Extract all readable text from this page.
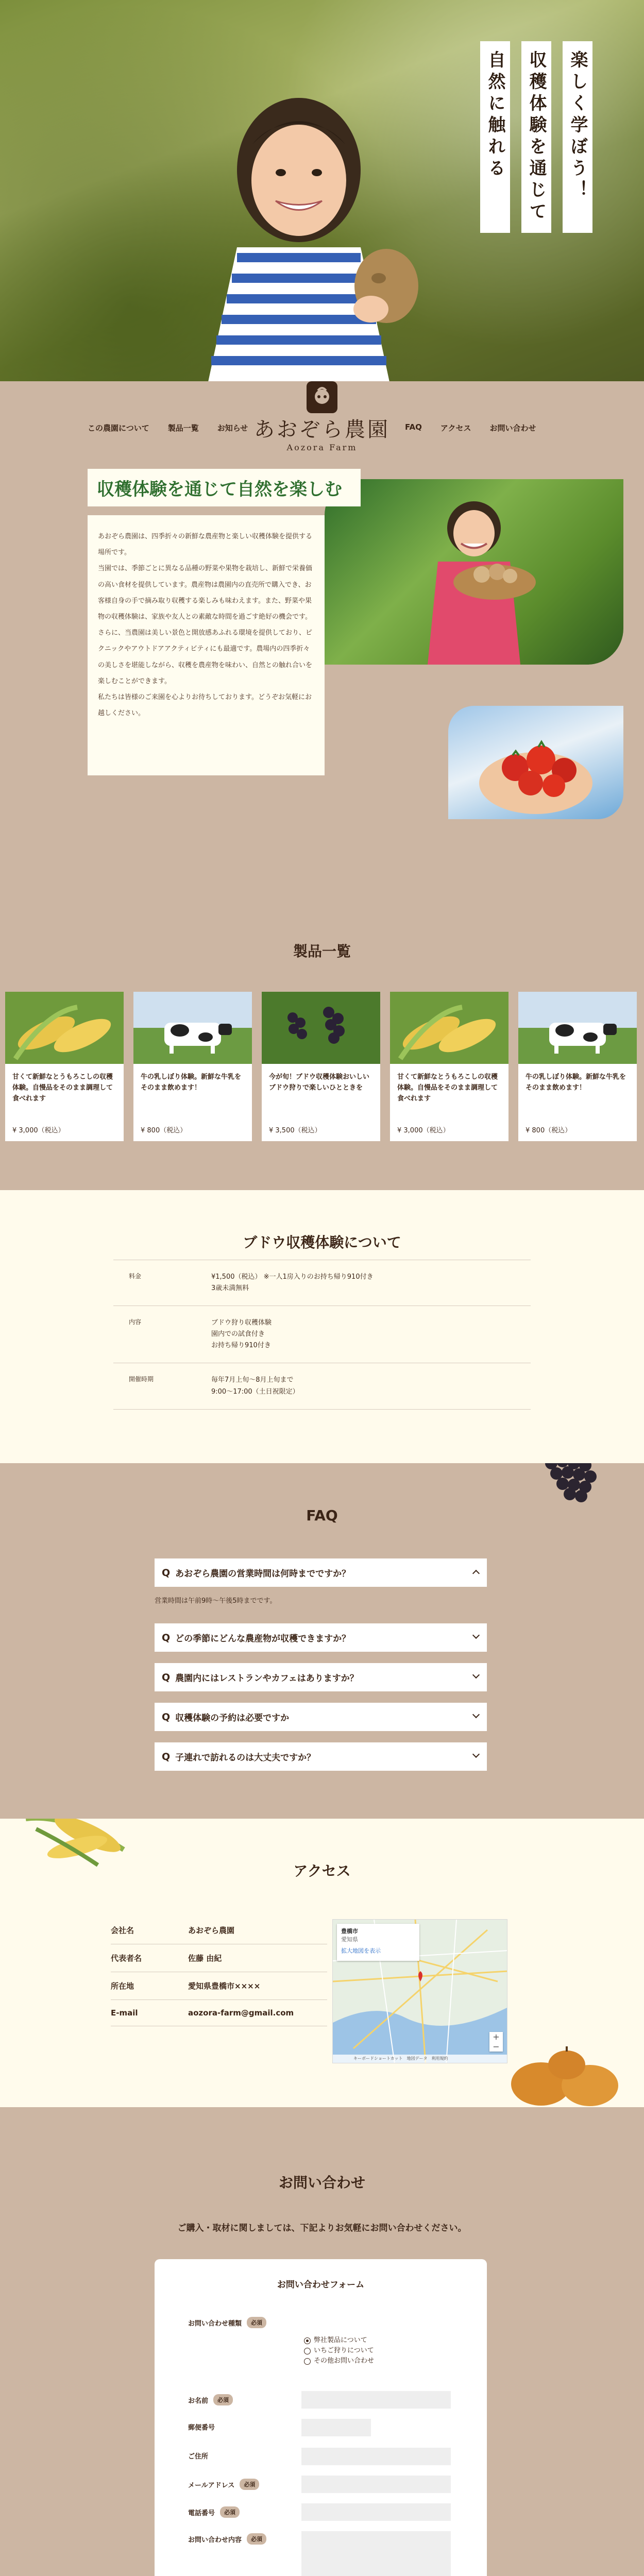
楽しく学ぼう！
収穫体験を通じて
自然に触れる
あおぞら農園
Aozora Farm
この農園について 製品一覧 お知らせ	FAQ アクセス お問い合わせ
収穫体験を通じて自然を楽しむ

あおぞら農園は、四季折々の新鮮な農産物と楽しい収穫体験を提供する場所です。

当園では、季節ごとに異なる品種の野菜や果物を栽培し、新鮮で栄養価の高い食材を提供しています。農産物は農園内の直売所で購入でき、お客様自身の手で摘み取り収穫する楽しみも味わえます。また、野菜や果物の収穫体験は、家族や友人との素敵な時間を過ごす絶好の機会です。

さらに、当農園は美しい景色と開放感あふれる環境を提供しており、ピクニックやアウトドアアクティビティにも最適です。農場内の四季折々の美しさを堪能しながら、収穫を農産物を味わい、自然との触れ合いを楽しむことができます。

私たちは皆様のご来園を心よりお待ちしております。どうぞお気軽にお越しください。

製品一覧
甘くて新鮮なとうもろこしの収穫体験。自慢品をそのまま調理して食べれます
¥ 3,000（税込）
牛の乳しぼり体験。新鮮な牛乳をそのまま飲めます！
¥ 800（税込）
今が旬！ブドウ収穫体験おいしいブドウ狩りで楽しいひとときを
¥ 3,500（税込）
甘くて新鮮なとうもろこしの収穫体験。自慢品をそのまま調理して食べれます
¥ 3,000（税込）
牛の乳しぼり体験。新鮮な牛乳をそのまま飲めます！
¥ 800（税込）
ブドウ収穫体験について
料金	¥1,500（税込） ※一人1房入りのお持ち帰り910付き
3歳未満無料

内容	ブドウ狩り収穫体験
園内での試食付き
お持ち帰り910付き

開催時期	毎年7月上旬〜8月上旬まで
9:00〜17:00（土日祝限定）
FAQ
Q あおぞら農園の営業時間は何時までですか？
営業時間は午前9時〜午後5時までです。
Q どの季節にどんな農産物が収穫できますか？
Q 農園内にはレストランやカフェはありますか？
Q 収穫体験の予約は必要ですか
Q 子連れで訪れるのは大丈夫ですか？
アクセス
会社名	あおぞら農園
代表者名	佐藤 由紀
所在地	愛知県豊橋市××××
E-mail	aozora-farm@gmail.com
豊橋市
愛知県
拡大地図を表示
+
−
キーボードショートカット　地図データ　利用規約
お問い合わせ
ご購入・取材に関しましては、下記よりお気軽にお問い合わせください。
お問い合わせフォーム
お問い合わせ種類	必須
弊社製品について
いちご狩りについて
その他お問い合わせ
お名前	必須
郵便番号
ご住所
メールアドレス	必須
電話番号	必須
お問い合わせ内容	必須
